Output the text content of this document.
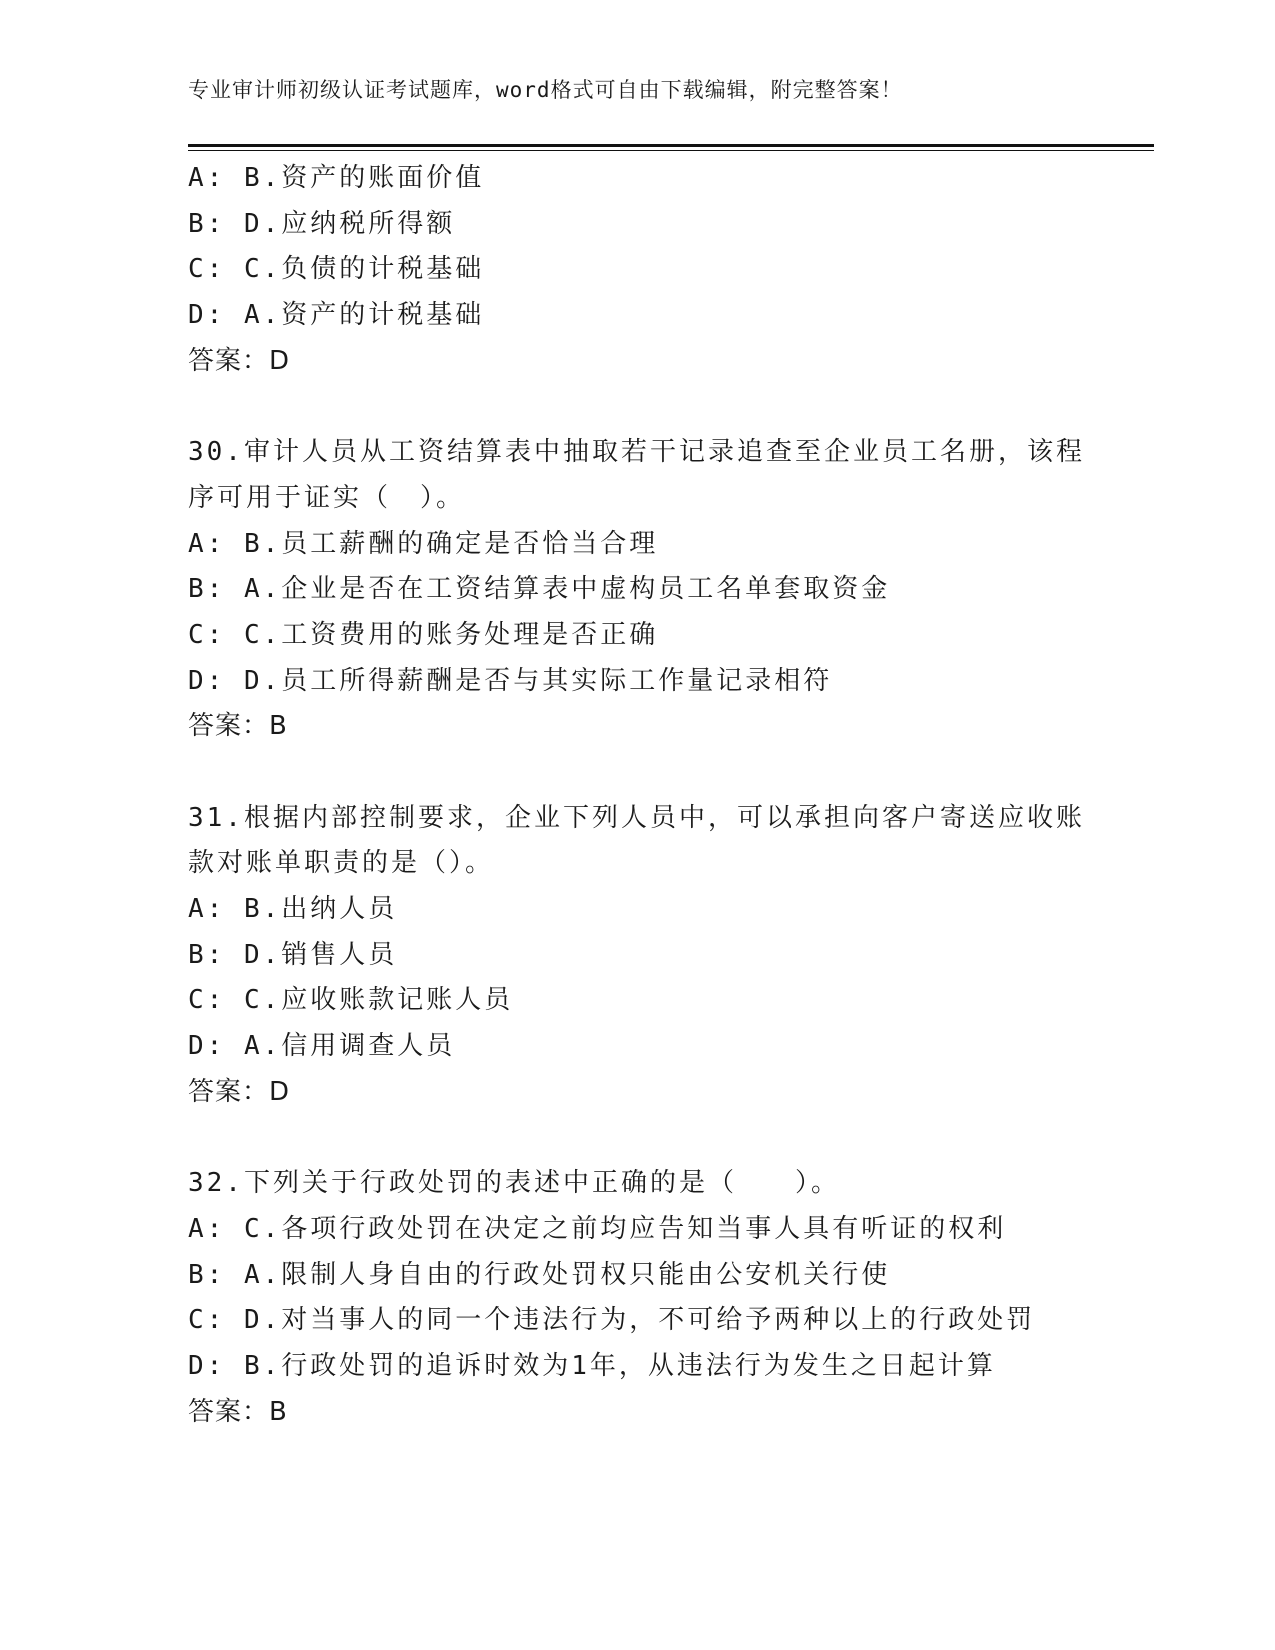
专业审计师初级认证考试题库，word格式可自由下载编辑，附完整答案！
A: B.资产的账面价值
B: D.应纳税所得额
C: C.负债的计税基础
D: A.资产的计税基础
答案：D
30.审计人员从工资结算表中抽取若干记录追查至企业员工名册，该程
序可用于证实（　）。
A: B.员工薪酬的确定是否恰当合理
B: A.企业是否在工资结算表中虚构员工名单套取资金
C: C.工资费用的账务处理是否正确
D: D.员工所得薪酬是否与其实际工作量记录相符
答案：B
31.根据内部控制要求，企业下列人员中，可以承担向客户寄送应收账
款对账单职责的是（）。
A: B.出纳人员
B: D.销售人员
C: C.应收账款记账人员
D: A.信用调查人员
答案：D
32.下列关于行政处罚的表述中正确的是（　　）。
A: C.各项行政处罚在决定之前均应告知当事人具有听证的权利
B: A.限制人身自由的行政处罚权只能由公安机关行使
C: D.对当事人的同一个违法行为，不可给予两种以上的行政处罚
D: B.行政处罚的追诉时效为1年，从违法行为发生之日起计算
答案：B
